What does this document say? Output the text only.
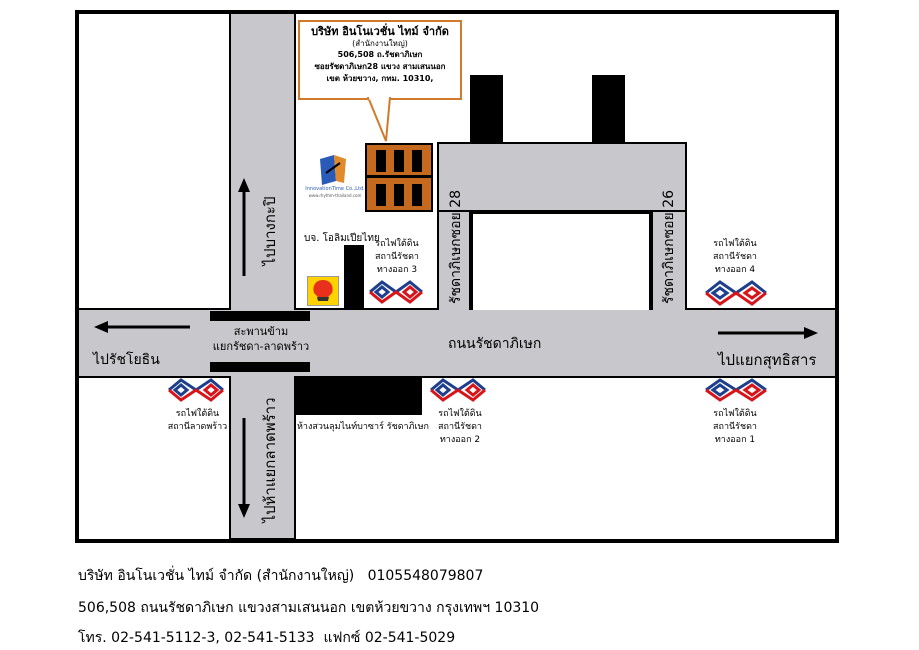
บริษัท อินโนเวชั่น ไทม์ จำกัด
(สำนักงานใหญ่)
506,508 ถ.รัชดาภิเษก
ซอยรัชดาภิเษก28 แขวง สามเสนนอก
เขต ห้วยขวาง, กทม. 10310,
InnovationTime Co.,Ltd.
www.rhythm-thailand.com
บจ. โอลิมเปียไทย
สะพานข้าม
แยกรัชดา-ลาดพร้าว	ถนนรัชดาภิเษก
ไปรัชโยธิน	ไปแยกสุทธิสาร
ไปบางกะปิ
ไปห้าแยกลาดพร้าว
รัชดาภิเษกซอย 28	รัชดาภิเษกซอย 26
ห้างสวนลุมไนท์บาซาร์ รัชดาภิเษก
รถไฟใต้ดิน
สถานีรัชดา
ทางออก 3
รถไฟใต้ดิน
สถานีรัชดา
ทางออก 4
รถไฟใต้ดิน
สถานีลาดพร้าว
รถไฟใต้ดิน
สถานีรัชดา
ทางออก 2
รถไฟใต้ดิน
สถานีรัชดา
ทางออก 1
บริษัท อินโนเวชั่น ไทม์ จำกัด (สำนักงานใหญ่)   0105548079807
506,508 ถนนรัชดาภิเษก แขวงสามเสนนอก เขตห้วยขวาง กรุงเทพฯ 10310
โทร. 02-541-5112-3, 02-541-5133  แฟกซ์ 02-541-5029
